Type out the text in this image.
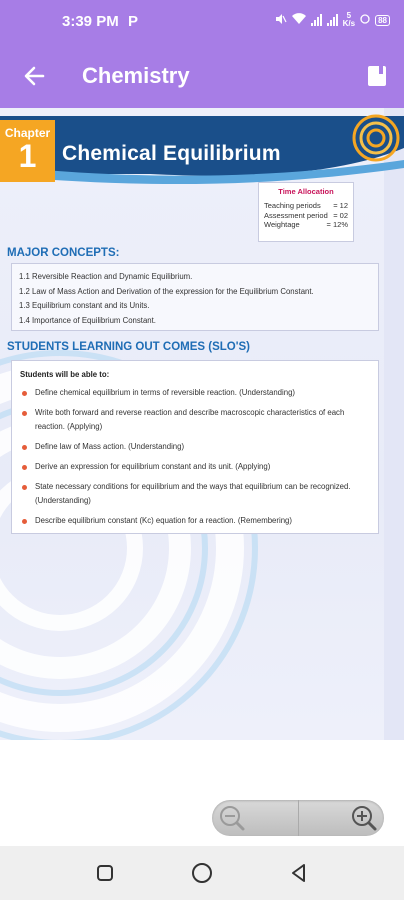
3:39 PM P	5
K/s	88
Chemistry
Chapter
1	Chemical Equilibrium
Time Allocation
Teaching periods = 12
Assessment period = 02
Weightage	= 12%
MAJOR CONCEPTS:
1.1 Reversible Reaction and Dynamic Equilibrium.
1.2 Law of Mass Action and Derivation of the expression for the Equilibrium Constant.
1.3 Equilibrium constant and its Units.
1.4 Importance of Equilibrium Constant.
STUDENTS LEARNING OUT COMES (SLO'S)
Students will be able to:
Define chemical equilibrium in terms of reversible reaction. (Understanding)
Write both forward and reverse reaction and describe macroscopic characteristics of each reaction. (Applying)
Define law of Mass action. (Understanding)
Derive an expression for equilibrium constant and its unit. (Applying)
State necessary conditions for equilibrium and the ways that equilibrium can be recognized. (Understanding)
Describe equilibrium constant (Kc) equation for a reaction. (Remembering)
